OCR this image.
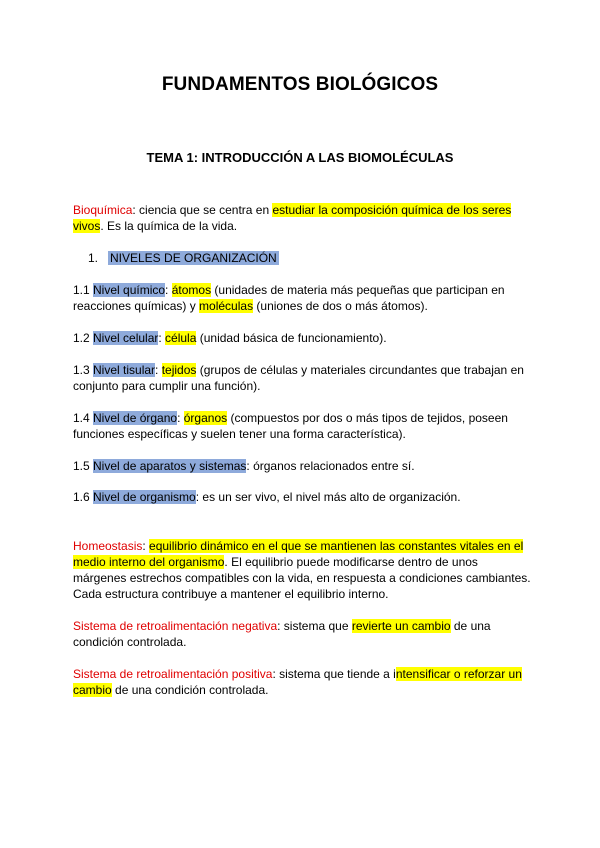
FUNDAMENTOS BIOLÓGICOS
TEMA 1: INTRODUCCIÓN A LAS BIOMOLÉCULAS
Bioquímica: ciencia que se centra en estudiar la composición química de los seres vivos. Es la química de la vida.
1. NIVELES DE ORGANIZACIÓN
1.1 Nivel químico: átomos (unidades de materia más pequeñas que participan en reacciones químicas) y moléculas (uniones de dos o más átomos).
1.2 Nivel celular: célula (unidad básica de funcionamiento).
1.3 Nivel tisular: tejidos (grupos de células y materiales circundantes que trabajan en conjunto para cumplir una función).
1.4 Nivel de órgano: órganos (compuestos por dos o más tipos de tejidos, poseen funciones específicas y suelen tener una forma característica).
1.5 Nivel de aparatos y sistemas: órganos relacionados entre sí.
1.6 Nivel de organismo: es un ser vivo, el nivel más alto de organización.
Homeostasis: equilibrio dinámico en el que se mantienen las constantes vitales en el medio interno del organismo. El equilibrio puede modificarse dentro de unos márgenes estrechos compatibles con la vida, en respuesta a condiciones cambiantes. Cada estructura contribuye a mantener el equilibrio interno.
Sistema de retroalimentación negativa: sistema que revierte un cambio de una condición controlada.
Sistema de retroalimentación positiva: sistema que tiende a intensificar o reforzar un cambio de una condición controlada.
